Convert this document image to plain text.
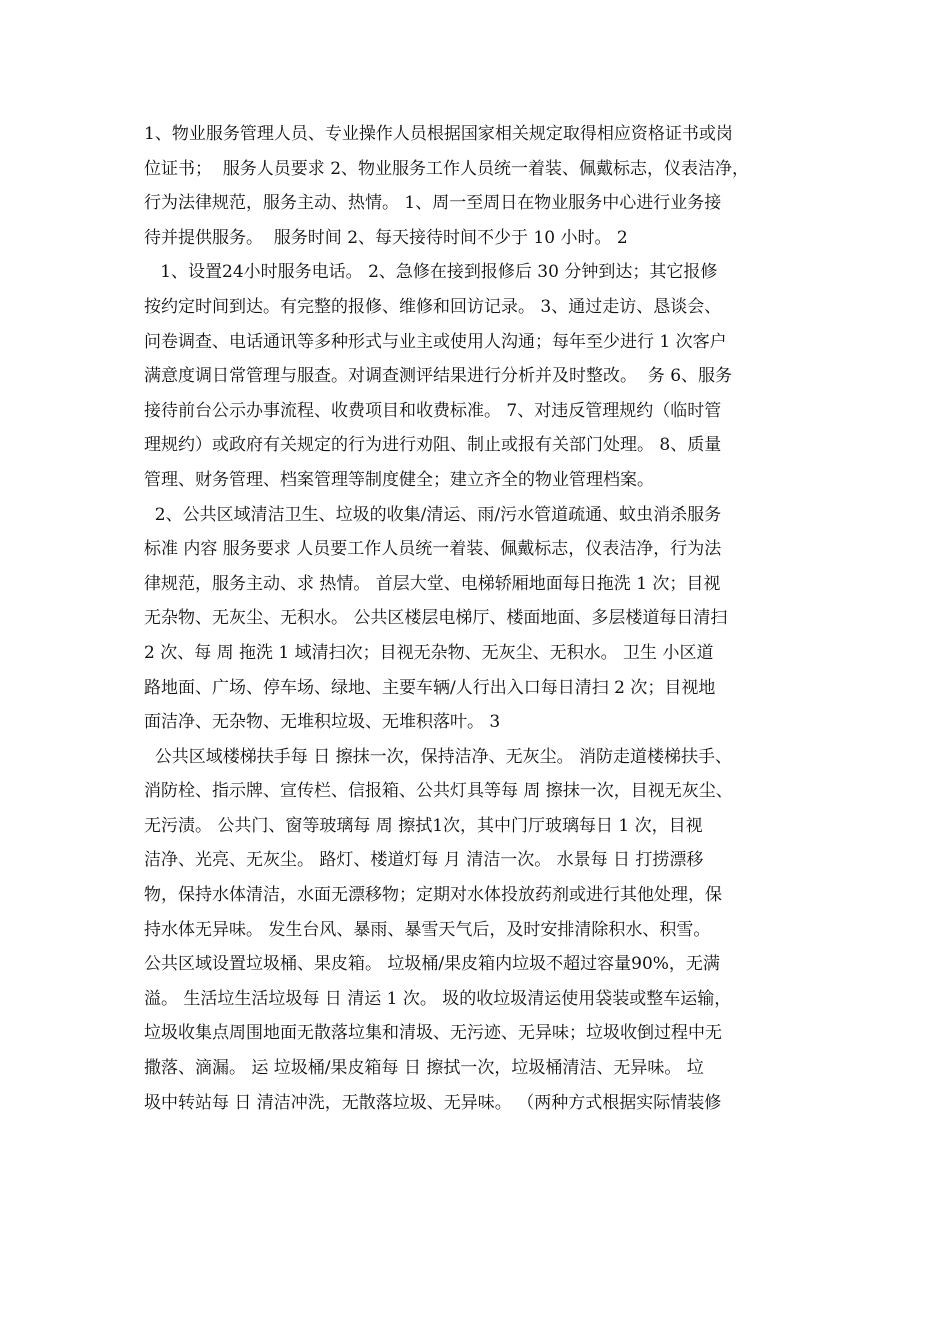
1、物业服务管理人员、专业操作人员根据国家相关规定取得相应资格证书或岗
位证书；  服务人员要求 2、物业服务工作人员统一着装、佩戴标志，仪表洁净，
行为法律规范，服务主动、热情。 1、周一至周日在物业服务中心进行业务接
待并提供服务。  服务时间 2、每天接待时间不少于 10 小时。 2
1、设置24小时服务电话。 2、急修在接到报修后 30 分钟到达；其它报修
按约定时间到达。有完整的报修、维修和回访记录。 3、通过走访、恳谈会、
问卷调查、电话通讯等多种形式与业主或使用人沟通；每年至少进行 1 次客户
满意度调日常管理与服查。对调查测评结果进行分析并及时整改。  务 6、服务
接待前台公示办事流程、收费项目和收费标准。 7、对违反管理规约（临时管
理规约）或政府有关规定的行为进行劝阻、制止或报有关部门处理。 8、质量
管理、财务管理、档案管理等制度健全；建立齐全的物业管理档案。
2、公共区域清洁卫生、垃圾的收集/清运、雨/污水管道疏通、蚊虫消杀服务
标准 内容 服务要求 人员要工作人员统一着装、佩戴标志，仪表洁净，行为法
律规范，服务主动、求 热情。 首层大堂、电梯轿厢地面每日拖洗 1 次；目视
无杂物、无灰尘、无积水。 公共区楼层电梯厅、楼面地面、多层楼道每日清扫
2 次、每 周 拖洗 1 域清扫次；目视无杂物、无灰尘、无积水。 卫生 小区道
路地面、广场、停车场、绿地、主要车辆/人行出入口每日清扫 2 次；目视地
面洁净、无杂物、无堆积垃圾、无堆积落叶。 3
公共区域楼梯扶手每 日 擦抹一次，保持洁净、无灰尘。 消防走道楼梯扶手、
消防栓、指示牌、宣传栏、信报箱、公共灯具等每 周 擦抹一次，目视无灰尘、
无污渍。 公共门、窗等玻璃每 周 擦拭1次，其中门厅玻璃每日 1 次，目视
洁净、光亮、无灰尘。 路灯、楼道灯每 月 清洁一次。 水景每 日 打捞漂移
物，保持水体清洁，水面无漂移物；定期对水体投放药剂或进行其他处理，保
持水体无异味。 发生台风、暴雨、暴雪天气后，及时安排清除积水、积雪。
公共区域设置垃圾桶、果皮箱。 垃圾桶/果皮箱内垃圾不超过容量90%，无满
溢。 生活垃生活垃圾每 日 清运 1 次。 圾的收垃圾清运使用袋装或整车运输，
垃圾收集点周围地面无散落垃集和清圾、无污迹、无异味；垃圾收倒过程中无
撒落、滴漏。 运 垃圾桶/果皮箱每 日 擦拭一次，垃圾桶清洁、无异味。 垃
圾中转站每 日 清洁冲洗，无散落垃圾、无异味。 （两种方式根据实际情装修
